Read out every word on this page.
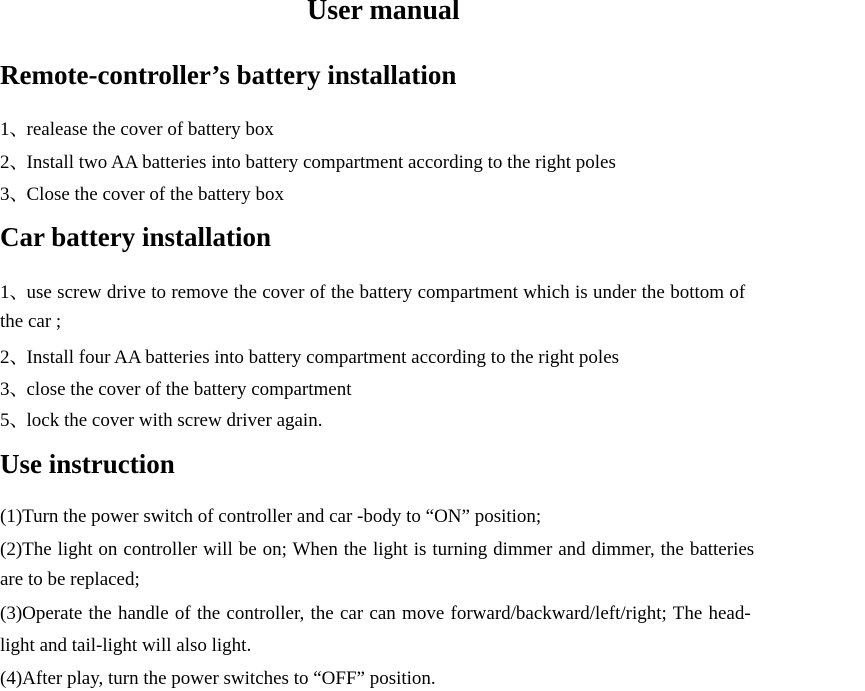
User manual
Remote-controller’s battery installation

1、realease the cover of battery box

2、Install two AA batteries into battery compartment according to the right poles

3、Close the cover of the battery box

Car battery installation

1、use screw drive to remove the cover of the battery compartment which is under the bottom of

the car ;

2、Install four AA batteries into battery compartment according to the right poles

3、close the cover of the battery compartment

5、lock the cover with screw driver again.

Use instruction

(1)Turn the power switch of controller and car -body to “ON” position;

(2)The light on controller will be on; When the light is turning dimmer and dimmer, the batteries

are to be replaced;

(3)Operate the handle of the controller, the car can move forward/backward/left/right; The head-

light and tail-light will also light.

(4)After play, turn the power switches to “OFF” position.
